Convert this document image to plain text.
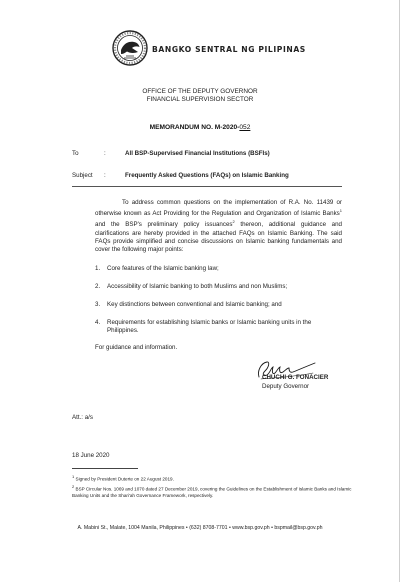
BANGKO SENTRAL NG PILIPINAS
OFFICE OF THE DEPUTY GOVERNOR
FINANCIAL SUPERVISION SECTOR
MEMORANDUM NO. M-2020-052
To	:	All BSP-Supervised Financial Institutions (BSFIs)
Subject :	Frequently Asked Questions (FAQs) on Islamic Banking
To address common questions on the implementation of R.A. No. 11439 or otherwise known as Act Providing for the Regulation and Organization of Islamic Banks$^1$ and the BSP's preliminary policy issuances$^2$ thereon, additional guidance and clarifications are hereby provided in the attached FAQs on Islamic Banking. The said FAQs provide simplified and concise discussions on Islamic banking fundamentals and cover the following major points:
1. Core features of the Islamic banking law;
2. Accessibility of Islamic banking to both Muslims and non Muslims;
3. Key distinctions between conventional and Islamic banking; and
4. Requirements for establishing Islamic banks or Islamic banking units in the Philippines.
For guidance and information.
CHUCHI G. FONACIER
Deputy Governor
Att.: a/s
18 June 2020
$^1$ Signed by President Duterte on 22 August 2019.
$^2$ BSP Circular Nos. 1069 and 1070 dated 27 December 2019, covering the Guidelines on the Establishment of Islamic Banks and Islamic Banking Units and the Shari'ah Governance Framework, respectively.
A. Mabini St., Malate, 1004 Manila, Philippines • (632) 8708-7701 • www.bsp.gov.ph • bspmail@bsp.gov.ph
